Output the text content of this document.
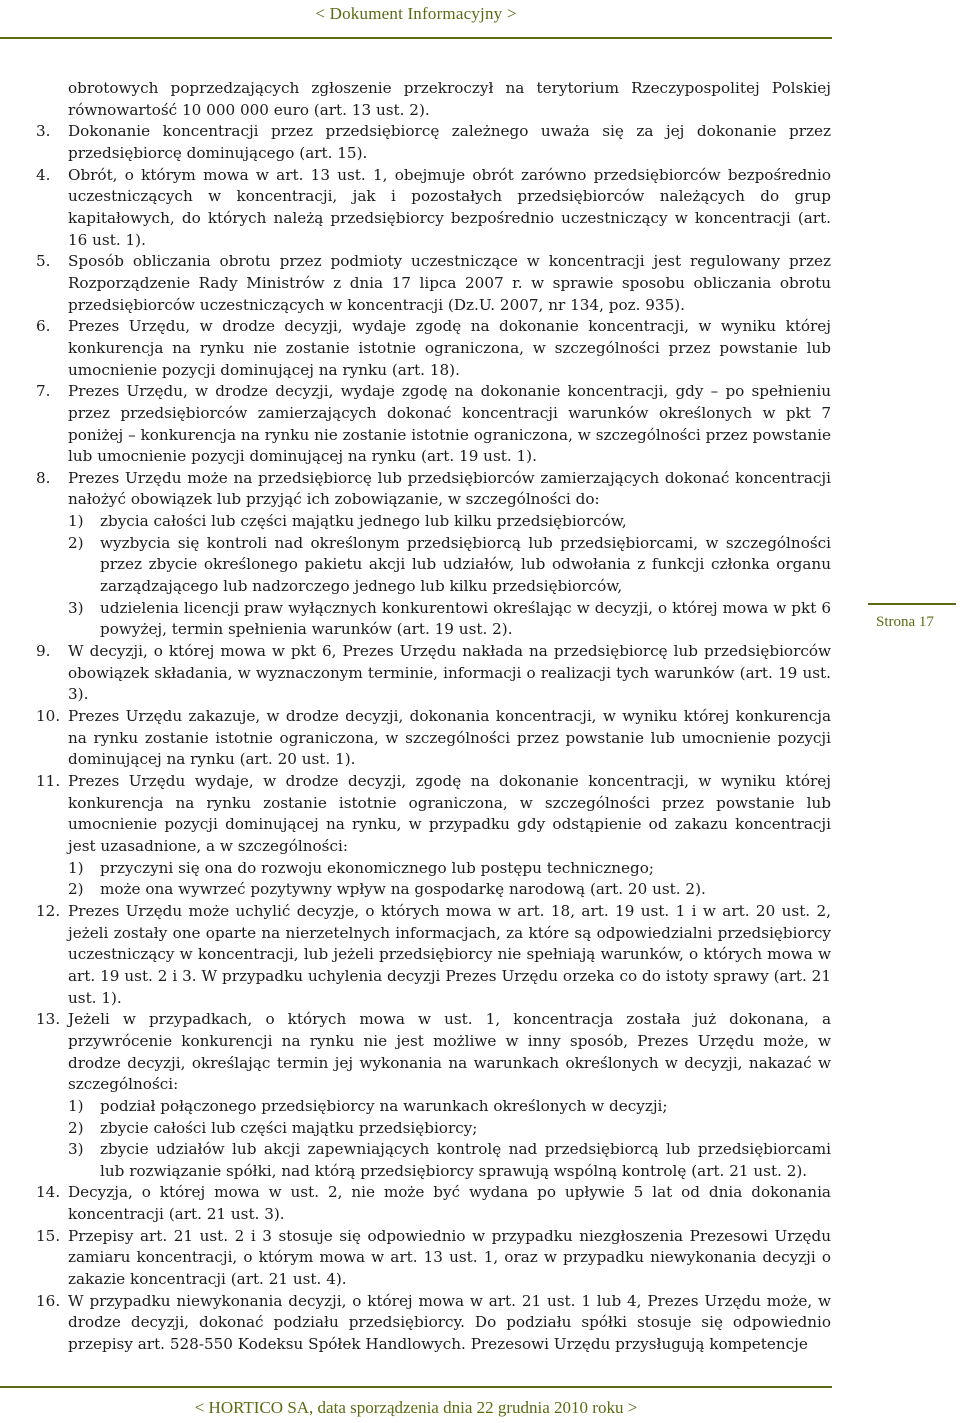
< Dokument Informacyjny >
Strona 17
obrotowych poprzedzających zgłoszenie przekroczył na terytorium Rzeczypospolitej Polskiej równowartość 10 000 000 euro (art. 13 ust. 2).
3. Dokonanie koncentracji przez przedsiębiorcę zależnego uważa się za jej dokonanie przez przedsiębiorcę dominującego (art. 15).
4. Obrót, o którym mowa w art. 13 ust. 1, obejmuje obrót zarówno przedsiębiorców bezpośrednio uczestniczących w koncentracji, jak i pozostałych przedsiębiorców należących do grup kapitałowych, do których należą przedsiębiorcy bezpośrednio uczestniczący w koncentracji (art. 16 ust. 1).
5. Sposób obliczania obrotu przez podmioty uczestniczące w koncentracji jest regulowany przez Rozporządzenie Rady Ministrów z dnia 17 lipca 2007 r. w sprawie sposobu obliczania obrotu przedsiębiorców uczestniczących w koncentracji (Dz.U. 2007, nr 134, poz. 935).
6. Prezes Urzędu, w drodze decyzji, wydaje zgodę na dokonanie koncentracji, w wyniku której konkurencja na rynku nie zostanie istotnie ograniczona, w szczególności przez powstanie lub umocnienie pozycji dominującej na rynku (art. 18).
7. Prezes Urzędu, w drodze decyzji, wydaje zgodę na dokonanie koncentracji, gdy – po spełnieniu przez przedsiębiorców zamierzających dokonać koncentracji warunków określonych w pkt 7 poniżej – konkurencja na rynku nie zostanie istotnie ograniczona, w szczególności przez powstanie lub umocnienie pozycji dominującej na rynku (art. 19 ust. 1).
8. Prezes Urzędu może na przedsiębiorcę lub przedsiębiorców zamierzających dokonać koncentracji nałożyć obowiązek lub przyjąć ich zobowiązanie, w szczególności do:
1) zbycia całości lub części majątku jednego lub kilku przedsiębiorców,
2) wyzbycia się kontroli nad określonym przedsiębiorcą lub przedsiębiorcami, w szczególności przez zbycie określonego pakietu akcji lub udziałów, lub odwołania z funkcji członka organu zarządzającego lub nadzorczego jednego lub kilku przedsiębiorców,
3) udzielenia licencji praw wyłącznych konkurentowi określając w decyzji, o której mowa w pkt 6 powyżej, termin spełnienia warunków (art. 19 ust. 2).
9. W decyzji, o której mowa w pkt 6, Prezes Urzędu nakłada na przedsiębiorcę lub przedsiębiorców obowiązek składania, w wyznaczonym terminie, informacji o realizacji tych warunków (art. 19 ust. 3).
10. Prezes Urzędu zakazuje, w drodze decyzji, dokonania koncentracji, w wyniku której konkurencja na rynku zostanie istotnie ograniczona, w szczególności przez powstanie lub umocnienie pozycji dominującej na rynku (art. 20 ust. 1).
11. Prezes Urzędu wydaje, w drodze decyzji, zgodę na dokonanie koncentracji, w wyniku której konkurencja na rynku zostanie istotnie ograniczona, w szczególności przez powstanie lub umocnienie pozycji dominującej na rynku, w przypadku gdy odstąpienie od zakazu koncentracji jest uzasadnione, a w szczególności:
1) przyczyni się ona do rozwoju ekonomicznego lub postępu technicznego;
2) może ona wywrzeć pozytywny wpływ na gospodarkę narodową (art. 20 ust. 2).
12. Prezes Urzędu może uchylić decyzje, o których mowa w art. 18, art. 19 ust. 1 i w art. 20 ust. 2, jeżeli zostały one oparte na nierzetelnych informacjach, za które są odpowiedzialni przedsiębiorcy uczestniczący w koncentracji, lub jeżeli przedsiębiorcy nie spełniają warunków, o których mowa w art. 19 ust. 2 i 3. W przypadku uchylenia decyzji Prezes Urzędu orzeka co do istoty sprawy (art. 21 ust. 1).
13. Jeżeli w przypadkach, o których mowa w ust. 1, koncentracja została już dokonana, a przywrócenie konkurencji na rynku nie jest możliwe w inny sposób, Prezes Urzędu może, w drodze decyzji, określając termin jej wykonania na warunkach określonych w decyzji, nakazać w szczególności:
1) podział połączonego przedsiębiorcy na warunkach określonych w decyzji;
2) zbycie całości lub części majątku przedsiębiorcy;
3) zbycie udziałów lub akcji zapewniających kontrolę nad przedsiębiorcą lub przedsiębiorcami lub rozwiązanie spółki, nad którą przedsiębiorcy sprawują wspólną kontrolę (art. 21 ust. 2).
14. Decyzja, o której mowa w ust. 2, nie może być wydana po upływie 5 lat od dnia dokonania koncentracji (art. 21 ust. 3).
15. Przepisy art. 21 ust. 2 i 3 stosuje się odpowiednio w przypadku niezgłoszenia Prezesowi Urzędu zamiaru koncentracji, o którym mowa w art. 13 ust. 1, oraz w przypadku niewykonania decyzji o zakazie koncentracji (art. 21 ust. 4).
16. W przypadku niewykonania decyzji, o której mowa w art. 21 ust. 1 lub 4, Prezes Urzędu może, w drodze decyzji, dokonać podziału przedsiębiorcy. Do podziału spółki stosuje się odpowiednio przepisy art. 528-550 Kodeksu Spółek Handlowych. Prezesowi Urzędu przysługują kompetencje
< HORTICO SA, data sporządzenia dnia 22 grudnia 2010 roku >
